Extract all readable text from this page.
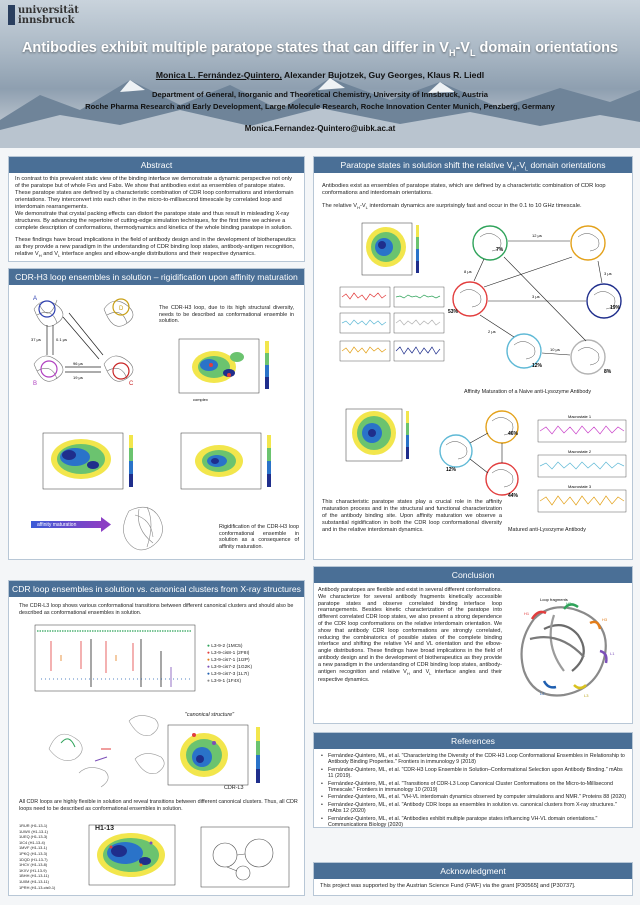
universität
innsbruck
Antibodies exhibit multiple paratope states that can differ in $V_H-V_L$ domain orientations
Monica L. Fernández-Quintero, Alexander Bujotzek, Guy Georges, Klaus R. Liedl
Department of General, Inorganic and Theoretical Chemistry, University of Innsbruck, Austria
Roche Pharma Research and Early Development, Large Molecule Research, Roche Innovation Center Munich, Penzberg, Germany
Monica.Fernandez-Quintero@uibk.ac.at
Abstract

In contrast to this prevalent static view of the binding interface we demonstrate a dynamic perspective not only of the paratope but of whole Fvs and Fabs. We show that antibodies exist as ensembles of paratope states. These paratope states are defined by a characteristic combination of CDR loop conformations and interdomain orientations. They interconvert into each other in the micro-to-millisecond timescale by correlated loop and interdomain rearrangements.

We demonstrate that crystal packing effects can distort the paratope state and thus result in misleading X-ray structures. By advancing the repertoire of cutting-edge simulation techniques, for the first time we achieve a complete description of conformations, thermodynamics and kinetics of the whole binding paratope in solution.

These findings have broad implications in the field of antibody design and in the development of biotherapeutics as they provide a new paradigm in the understanding of CDR binding loop states, antibody-antigen recognition, relative $V_H$ and $V_L$ interface angles and elbow-angle distributions and their respective dynamics.

CDR-H3 loop ensembles in solution – rigidification upon affinity maturation
A
D
B	C
37 μs	0.1 μs
96 μs
19 μs
The CDR-H3 loop, due to its high structural diversity, needs to be described as conformational ensemble in solution.
complex
affinity maturation	Rigidification of the CDR-H3 loop conformational ensemble in solution as a consequence of affinity maturation.
CDR loop ensembles in solution vs. canonical clusters from X-ray structures
The CDR-L3 loop shows various conformational transitions between different canonical clusters and should also be described as conformational ensembles in solution.
● L3-9-2 (1MC5)
● L3-9-cis8-1 (2F8I)
● L3-9-cis7-1 (1I2P)
● L3-9-cis7-2 (1G2K)
● L3-9-cis7-3 (1L7I)
● L3-9-1 (1F4X)
"canonical structure"
CDR-L3
All CDR loops are highly flexible in solution and reveal transitions between different canonical clusters. Thus, all CDR loops need to be described as conformational ensembles in solution.
1RUR (H1-13-1)
1UWX (H1-13-1)
1UEQ (H1-13-3)
1IC4 (H1-13-4)
1MVF (H1-13-1)
1PKQ (H1-13-3)
1DQD (H1-13-7)
1HCV (H1-13-8)
1KXV (H1-13-9)
1BHH (H1-13-11)
1U0M (H1-13-11)
1PRH (H1-13-cis9-1)
H1-13
Paratope states in solution shift the relative $V_H-V_L$ domain orientations

Antibodies exist as ensembles of paratope states, which are defined by a characteristic combination of CDR loop conformations and interdomain orientations.

The relative $V_H-V_L$ interdomain dynamics are surprisingly fast and occur in the 0.1 to 10 GHz timescale.

7%
53%
19%
12%
8%
12 μs
8 μs
3 μs
2 μs
10 μs
3 μs
Affinity Maturation of a Naive anti-Lysozyme Antibody
46%
12%
44%
Macrostate 1
Macrostate 2
Macrostate 3
This characteristic paratope states play a crucial role in the affinity maturation process and in the structural and functional characterization of the antibody binding site. Upon affinity maturation we observe a substantial rigidification in both the CDR loop conformational diversity and in the relative interdomain dynamics.	Matured anti-Lysozyme Antibody
Conclusion
Antibody paratopes are flexible and exist in several different conformations. We characterize for several antibody fragments kinetically accessible paratope states and observe correlated binding interface loop rearrangements. Besides kinetic characterization of the paratope into different correlated CDR loop states, we also present a strong dependence of the CDR loop conformations on the relative interdomain orientation. We show that antibody CDR loop conformations are strongly correlated, reducing the combinatorics of possible states of the complete binding interface and shifting the relative VH and VL orientation and the elbow-angle distributions. These findings have broad implications in the field of antibody design and in the development of biotherapeutics as they provide a new paradigm in the understanding of CDR binding loop states, antibody-antigen recognition and relative $V_H$ and $V_L$ interface angles and their respective dynamics.
Loop fragments
H1
H2
H3
L1
L2	L3
References
• Fernández-Quintero, ML, et al. "Characterizing the Diversity of the CDR-H3 Loop Conformational Ensembles in Relationship to Antibody Binding Properties." Frontiers in immunology 9 (2018)
• Fernández-Quintero, ML, et al. "CDR-H3 Loop Ensemble in Solution–Conformational Selection upon Antibody Binding." mAbs 11 (2019).
• Fernández-Quintero, ML, et al. "Transitions of CDR-L3 Loop Canonical Cluster Conformations on the Micro-to-Millisecond Timescale." Frontiers in immunology 10 (2019)
• Fernández-Quintero, ML, et al. "VH-VL interdomain dynamics observed by computer simulations and NMR." Proteins 88 (2020)
• Fernández-Quintero, ML, et al. "Antibody CDR loops as ensembles in solution vs. canonical clusters from X-ray structures." mAbs 12 (2020)
• Fernández-Quintero, ML, et al. "Antibodies exhibit multiple paratope states influencing VH-VL domain orientations." Communications Biology (2020)
Acknowledgment
This project was supported by the Austrian Science Fund (FWF) via the grant [P30565] and [P30737].
